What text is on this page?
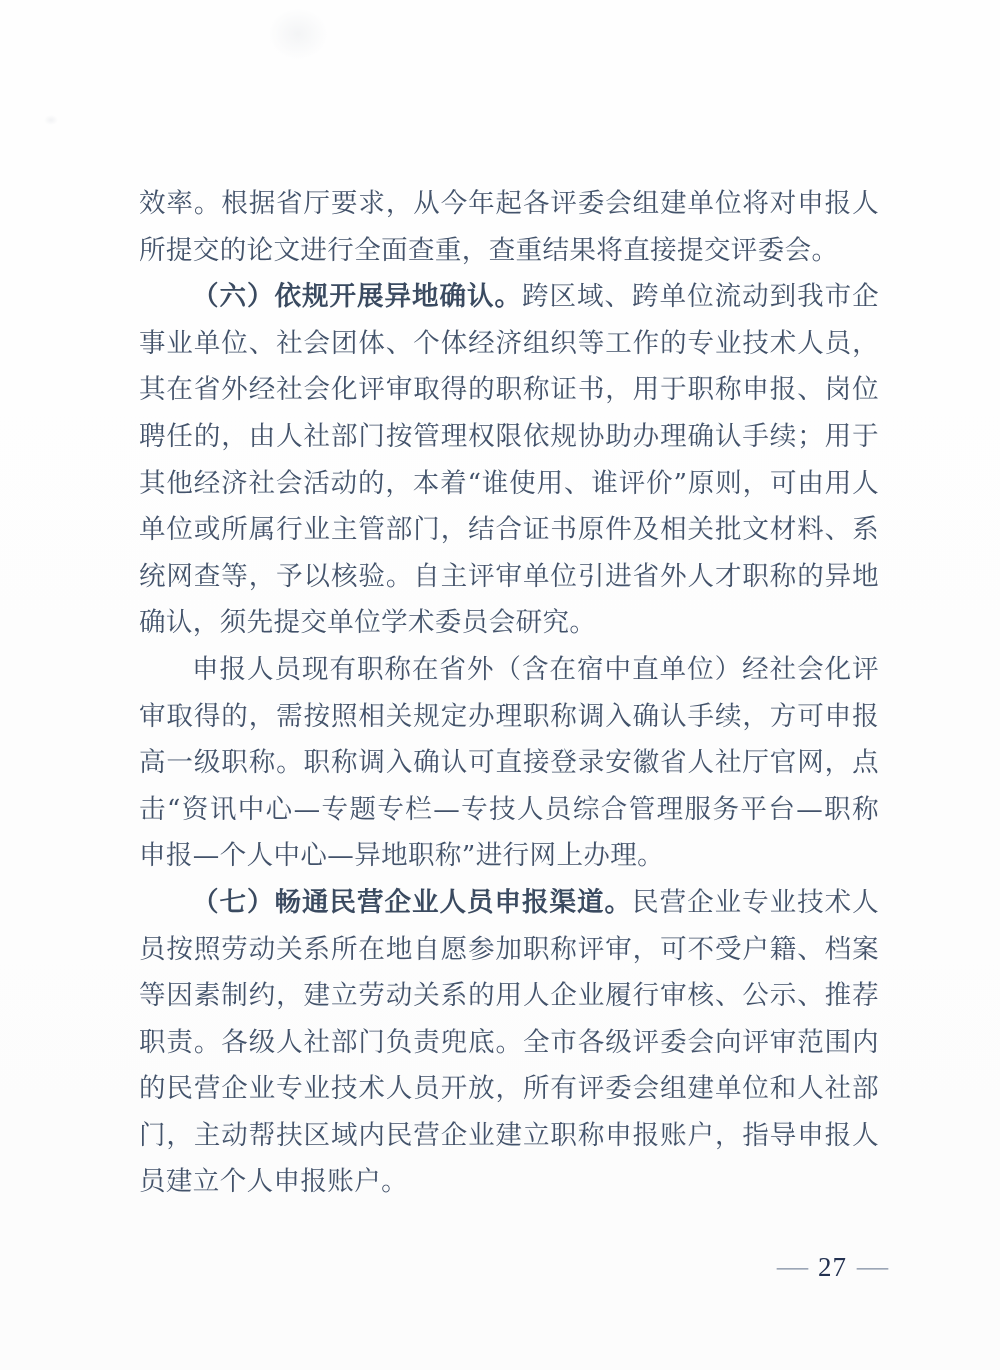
效率。根据省厅要求，从今年起各评委会组建单位将对申报人所提交的论文进行全面查重，查重结果将直接提交评委会。

（六）依规开展异地确认。跨区域、跨单位流动到我市企事业单位、社会团体、个体经济组织等工作的专业技术人员，其在省外经社会化评审取得的职称证书，用于职称申报、岗位聘任的，由人社部门按管理权限依规协助办理确认手续；用于其他经济社会活动的，本着“谁使用、谁评价”原则，可由用人单位或所属行业主管部门，结合证书原件及相关批文材料、系统网查等，予以核验。自主评审单位引进省外人才职称的异地确认，须先提交单位学术委员会研究。

申报人员现有职称在省外（含在宿中直单位）经社会化评审取得的，需按照相关规定办理职称调入确认手续，方可申报高一级职称。职称调入确认可直接登录安徽省人社厅官网，点击“资讯中心—专题专栏—专技人员综合管理服务平台—职称申报—个人中心—异地职称”进行网上办理。

（七）畅通民营企业人员申报渠道。民营企业专业技术人员按照劳动关系所在地自愿参加职称评审，可不受户籍、档案等因素制约，建立劳动关系的用人企业履行审核、公示、推荐职责。各级人社部门负责兜底。全市各级评委会向评审范围内的民营企业专业技术人员开放，所有评委会组建单位和人社部门，主动帮扶区域内民营企业建立职称申报账户，指导申报人员建立个人申报账户。

— 27 —
